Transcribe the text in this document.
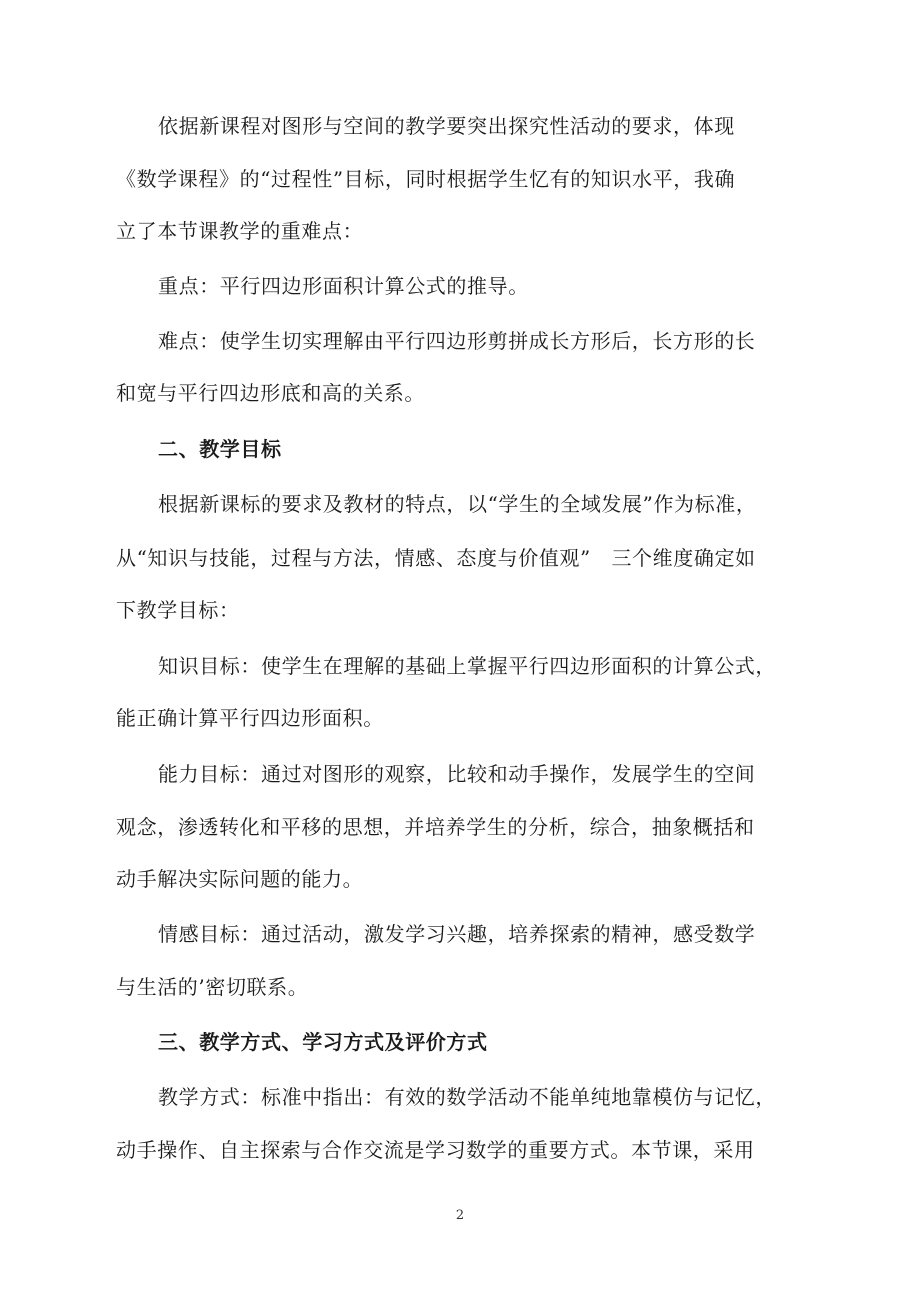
依据新课程对图形与空间的教学要突出探究性活动的要求，体现
《数学课程》的“过程性”目标，同时根据学生忆有的知识水平，我确
立了本节课教学的重难点：
重点：平行四边形面积计算公式的推导。
难点：使学生切实理解由平行四边形剪拼成长方形后，长方形的长
和宽与平行四边形底和高的关系。
二、教学目标
根据新课标的要求及教材的特点，以“学生的全域发展”作为标准，
从“知识与技能，过程与方法，情感、态度与价值观”　三个维度确定如
下教学目标：
知识目标：使学生在理解的基础上掌握平行四边形面积的计算公式，
能正确计算平行四边形面积。
能力目标：通过对图形的观察，比较和动手操作，发展学生的空间
观念，渗透转化和平移的思想，并培养学生的分析，综合，抽象概括和
动手解决实际问题的能力。
情感目标：通过活动，激发学习兴趣，培养探索的精神，感受数学
与生活的’密切联系。
三、教学方式、学习方式及评价方式
教学方式：标准中指出：有效的数学活动不能单纯地靠模仿与记忆，
动手操作、自主探索与合作交流是学习数学的重要方式。本节课，采用
2
